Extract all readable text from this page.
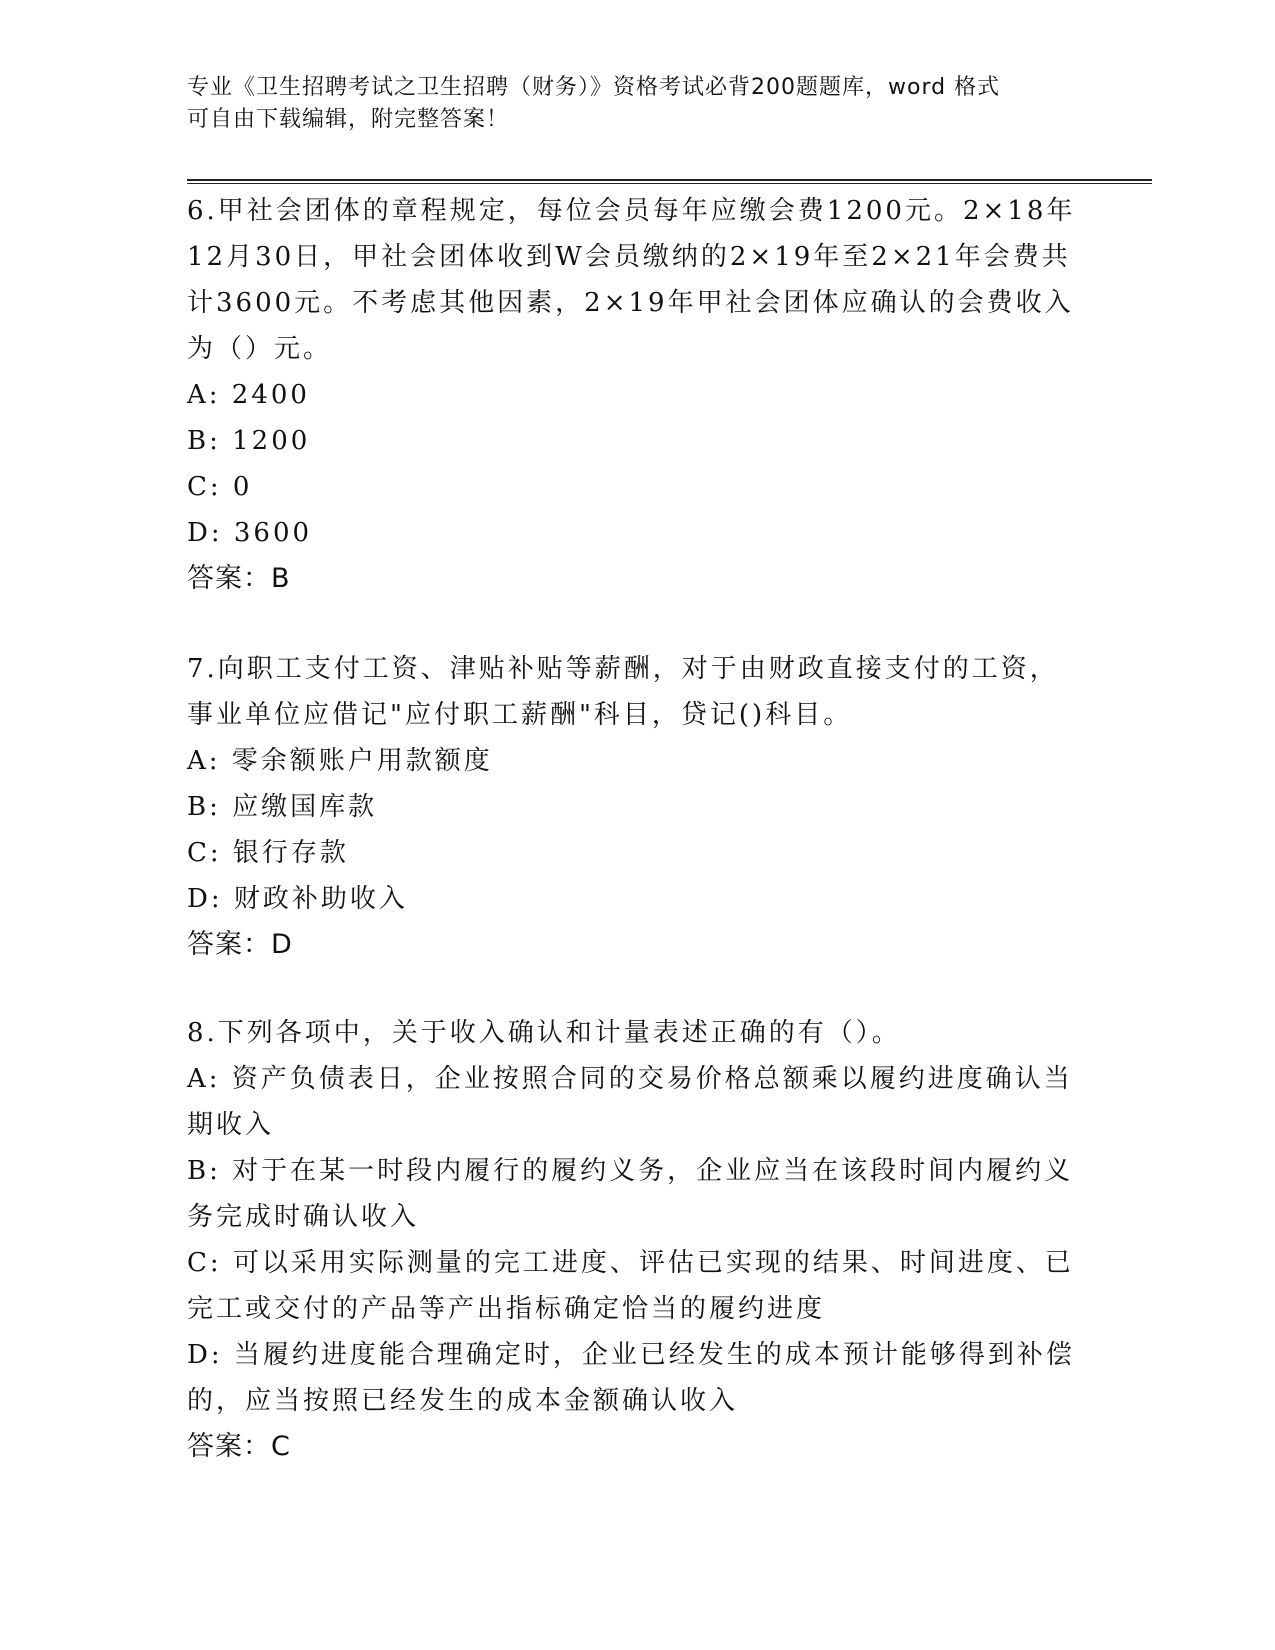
专业《卫生招聘考试之卫生招聘（财务）》资格考试必背200题题库，word 格式
可自由下载编辑，附完整答案！
6.甲社会团体的章程规定，每位会员每年应缴会费1200元。2×18年
12月30日，甲社会团体收到W会员缴纳的2×19年至2×21年会费共
计3600元。不考虑其他因素，2×19年甲社会团体应确认的会费收入
为（）元。
A: 2400
B: 1200
C: 0
D: 3600
答案：B
7.向职工支付工资、津贴补贴等薪酬，对于由财政直接支付的工资，
事业单位应借记"应付职工薪酬"科目，贷记()科目。
A: 零余额账户用款额度
B: 应缴国库款
C: 银行存款
D: 财政补助收入
答案：D
8.下列各项中，关于收入确认和计量表述正确的有（）。
A: 资产负债表日，企业按照合同的交易价格总额乘以履约进度确认当
期收入
B: 对于在某一时段内履行的履约义务，企业应当在该段时间内履约义
务完成时确认收入
C: 可以采用实际测量的完工进度、评估已实现的结果、时间进度、已
完工或交付的产品等产出指标确定恰当的履约进度
D: 当履约进度能合理确定时，企业已经发生的成本预计能够得到补偿
的，应当按照已经发生的成本金额确认收入
答案：C
